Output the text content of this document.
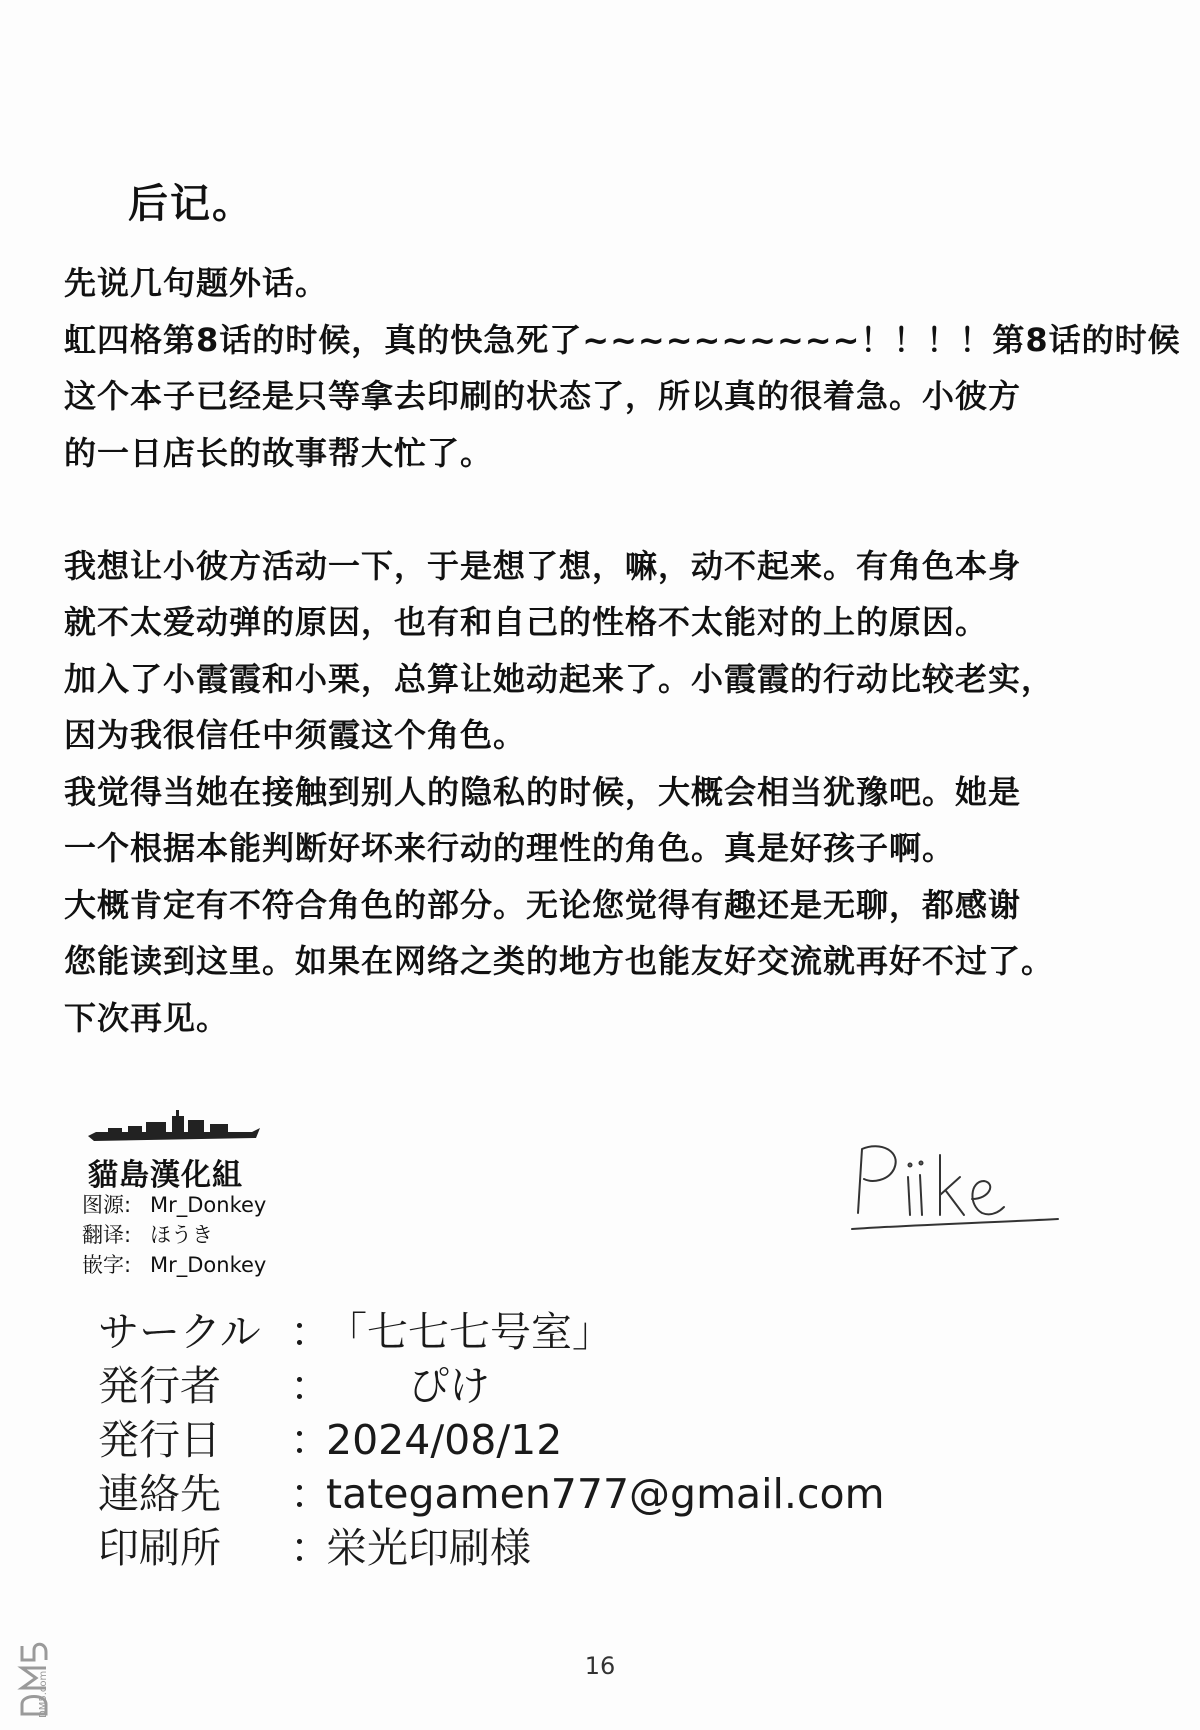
后记。
先说几句题外话。
虹四格第8话的时候，真的快急死了~~~~~~~~~~！！！！第8话的时候
这个本子已经是只等拿去印刷的状态了，所以真的很着急。小彼方
的一日店长的故事帮大忙了。
我想让小彼方活动一下，于是想了想，嘛，动不起来。有角色本身
就不太爱动弹的原因，也有和自己的性格不太能对的上的原因。
加入了小霞霞和小栗，总算让她动起来了。小霞霞的行动比较老实，
因为我很信任中须霞这个角色。
我觉得当她在接触到别人的隐私的时候，大概会相当犹豫吧。她是
一个根据本能判断好坏来行动的理性的角色。真是好孩子啊。
大概肯定有不符合角色的部分。无论您觉得有趣还是无聊，都感谢
您能读到这里。如果在网络之类的地方也能友好交流就再好不过了。
下次再见。
貓島漢化組
图源: Mr_Donkey
翻译: ほうき
嵌字: Mr_Donkey
サークル ：「七七七号室」
発行者 ：　　ぴけ
発行日 ：2024/08/12
連絡先 ：tategamen777@gmail.com
印刷所 ：栄光印刷様
DM5.com
16
